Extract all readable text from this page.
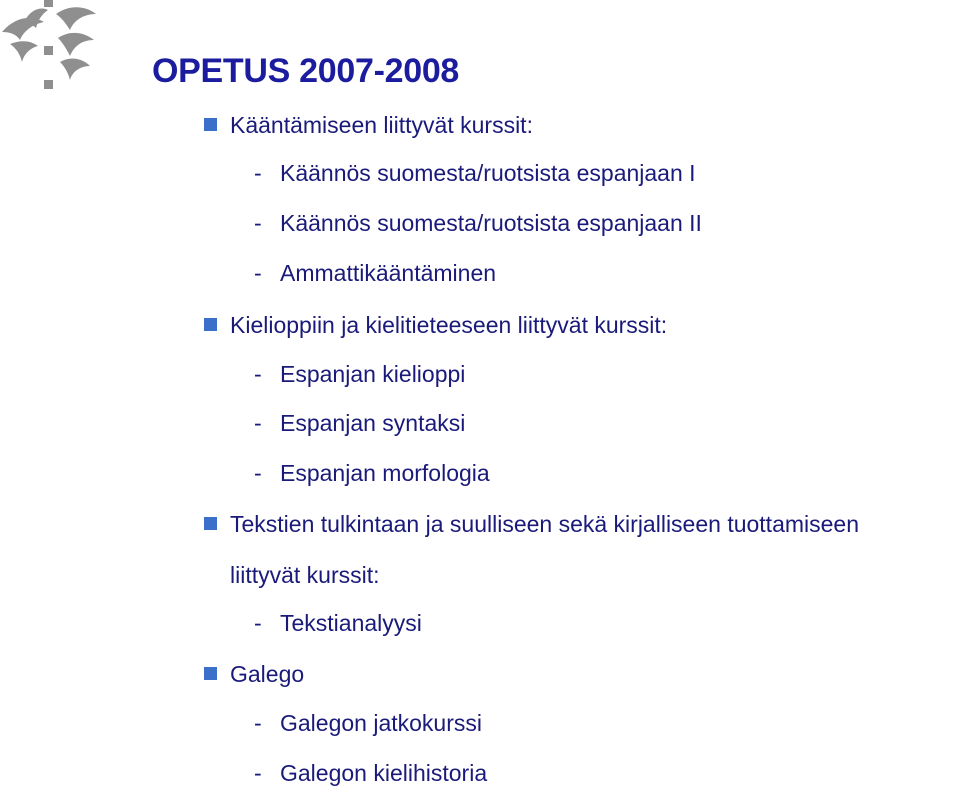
OPETUS 2007-2008
Kääntämiseen liittyvät kurssit:
- Käännös suomesta/ruotsista espanjaan I
- Käännös suomesta/ruotsista espanjaan II
- Ammattikääntäminen
Kielioppiin ja kielitieteeseen liittyvät kurssit:
- Espanjan kielioppi
- Espanjan syntaksi
- Espanjan morfologia
Tekstien tulkintaan ja suulliseen sekä kirjalliseen tuottamiseen
liittyvät kurssit:
- Tekstianalyysi
Galego
- Galegon jatkokurssi
- Galegon kielihistoria
